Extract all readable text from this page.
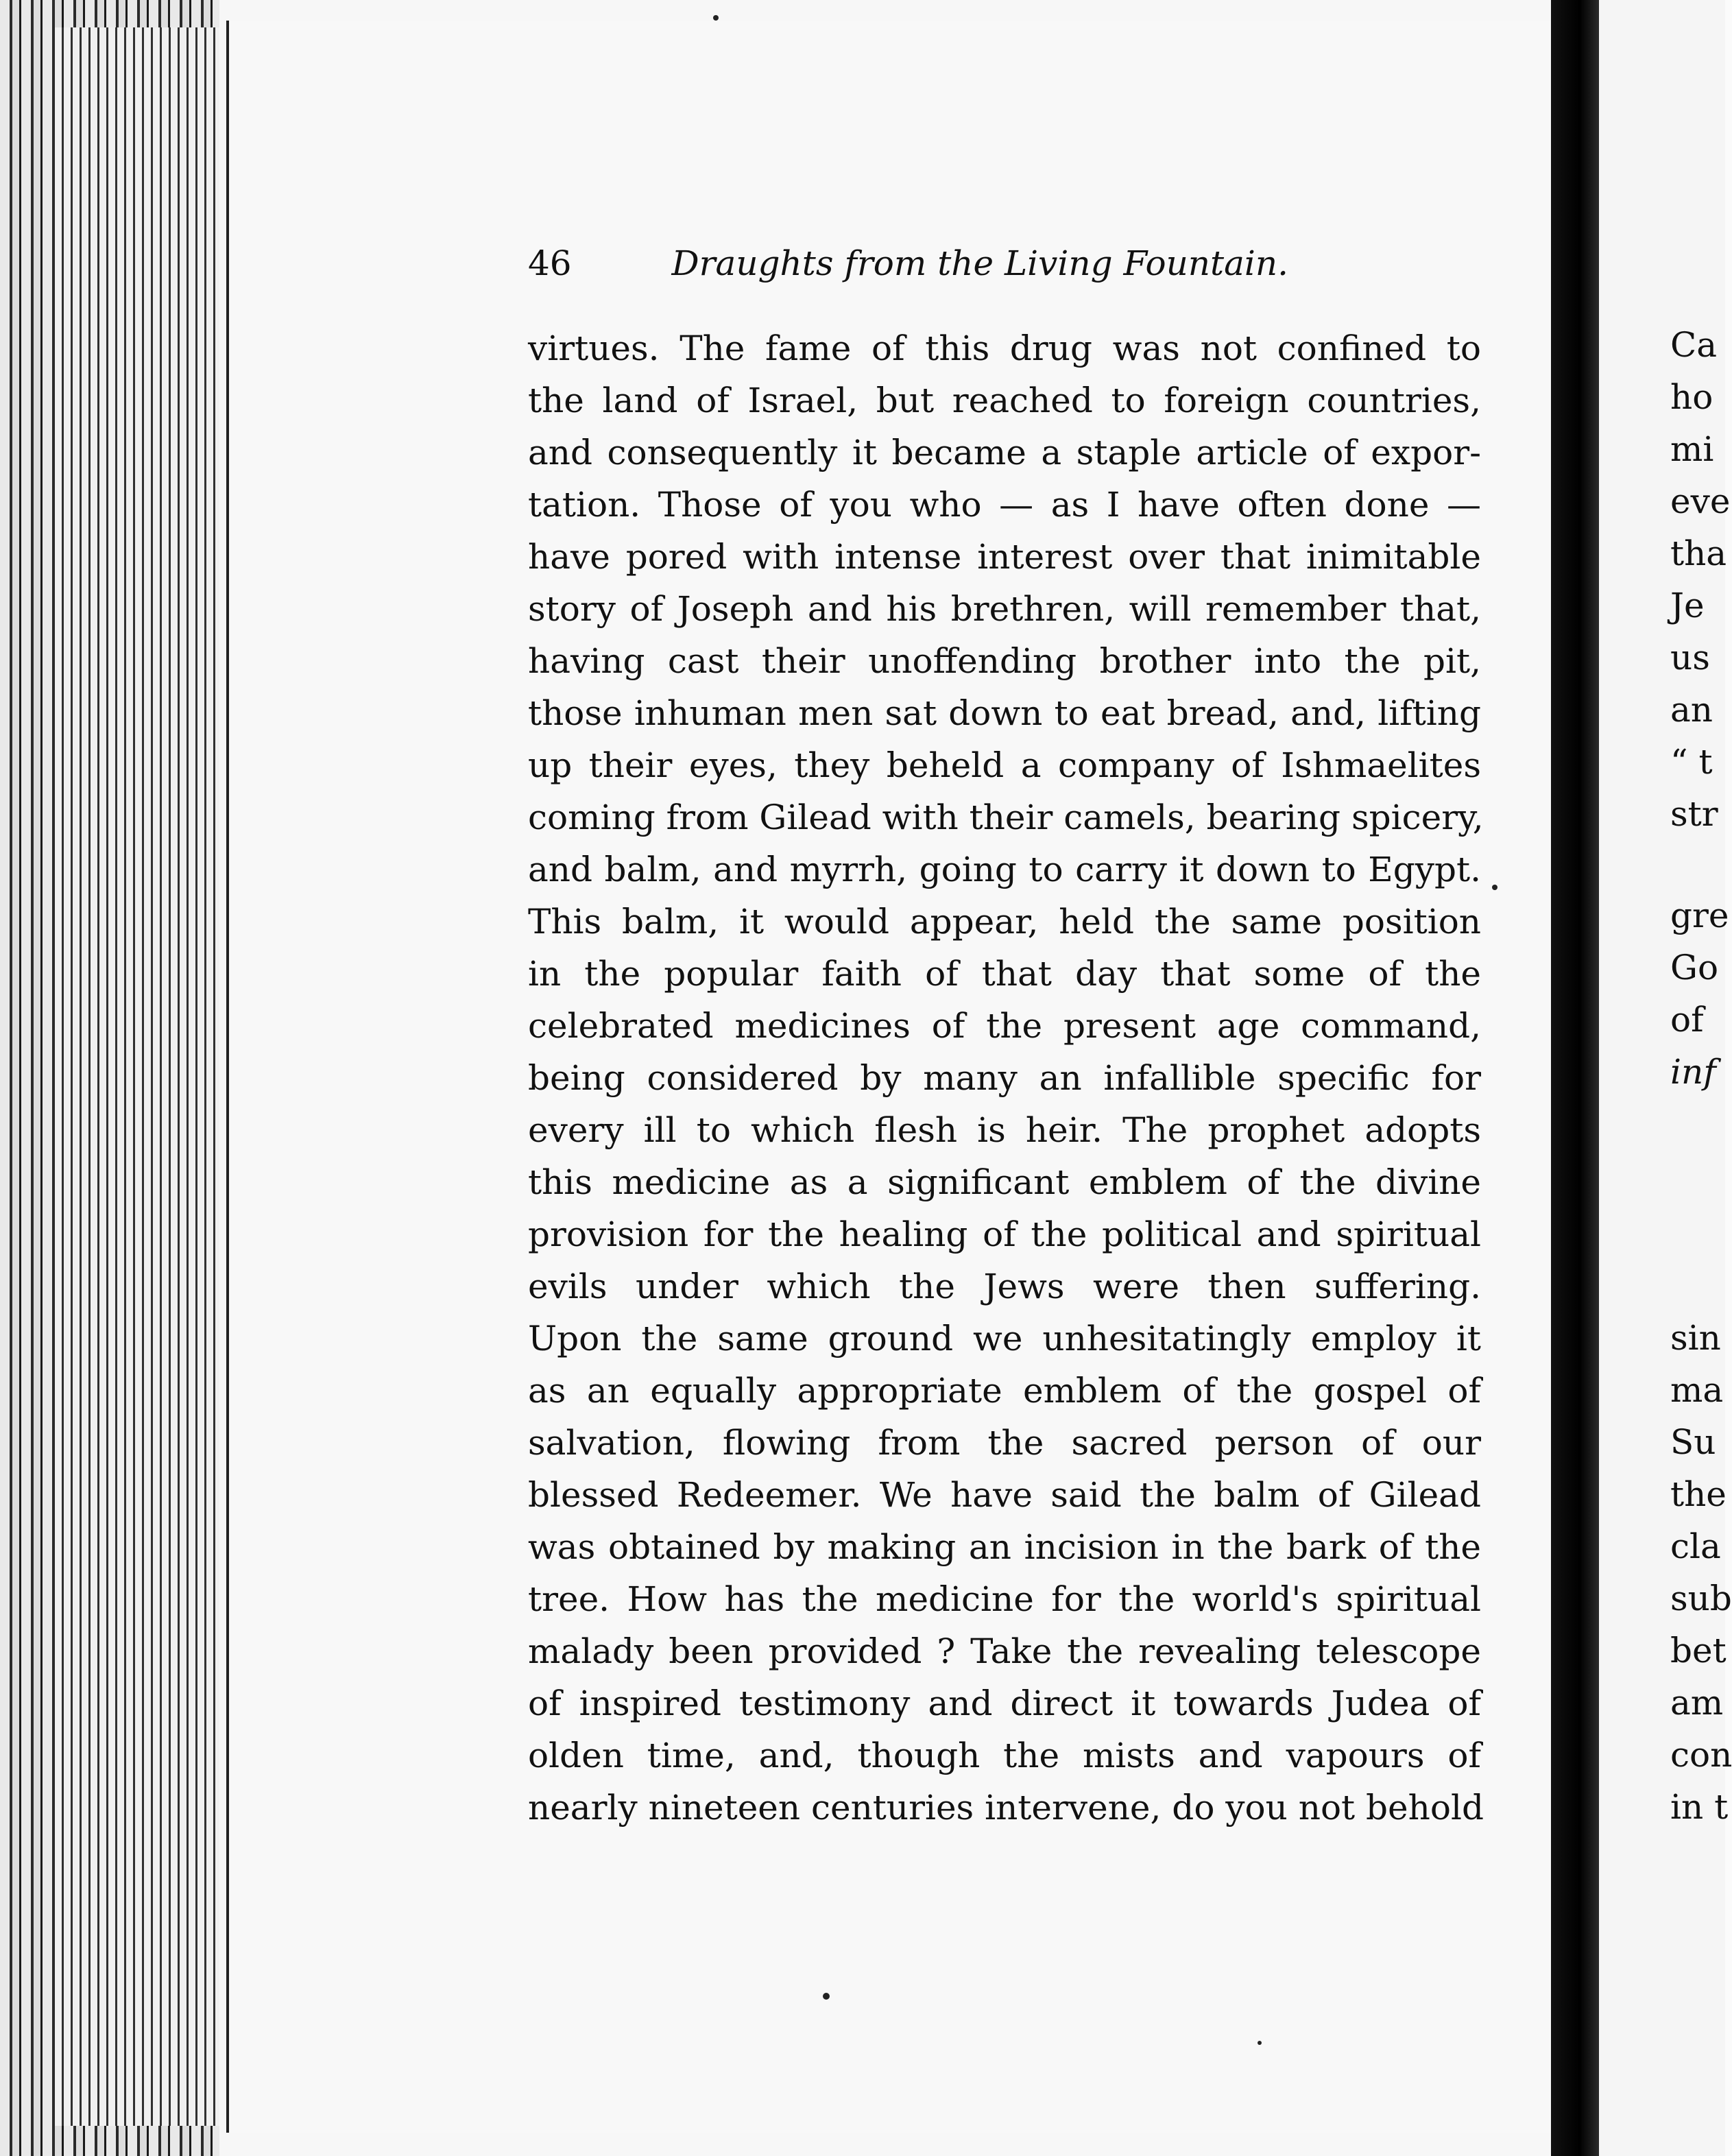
46	Draughts from the Living Fountain.
virtues. The fame of this drug was not confined to
the land of Israel, but reached to foreign countries,
and consequently it became a staple article of expor-
tation. Those of you who — as I have often done —
have pored with intense interest over that inimitable
story of Joseph and his brethren, will remember that,
having cast their unoffending brother into the pit,
those inhuman men sat down to eat bread, and, lifting
up their eyes, they beheld a company of Ishmaelites
coming from Gilead with their camels, bearing spicery,
and balm, and myrrh, going to carry it down to Egypt.
This balm, it would appear, held the same position
in the popular faith of that day that some of the
celebrated medicines of the present age command,
being considered by many an infallible specific for
every ill to which flesh is heir. The prophet adopts
this medicine as a significant emblem of the divine
provision for the healing of the political and spiritual
evils under which the Jews were then suffering.
Upon the same ground we unhesitatingly employ it
as an equally appropriate emblem of the gospel of
salvation, flowing from the sacred person of our
blessed Redeemer. We have said the balm of Gilead
was obtained by making an incision in the bark of the
tree. How has the medicine for the world's spiritual
malady been provided ? Take the revealing telescope
of inspired testimony and direct it towards Judea of
olden time, and, though the mists and vapours of
nearly nineteen centuries intervene, do you not behold
Ca
ho
mi
eve
tha
Je
us
an
“ t
str
gre
Go
of
inf
sin
ma
Su
the
cla
sub
bet
am
con
in t
